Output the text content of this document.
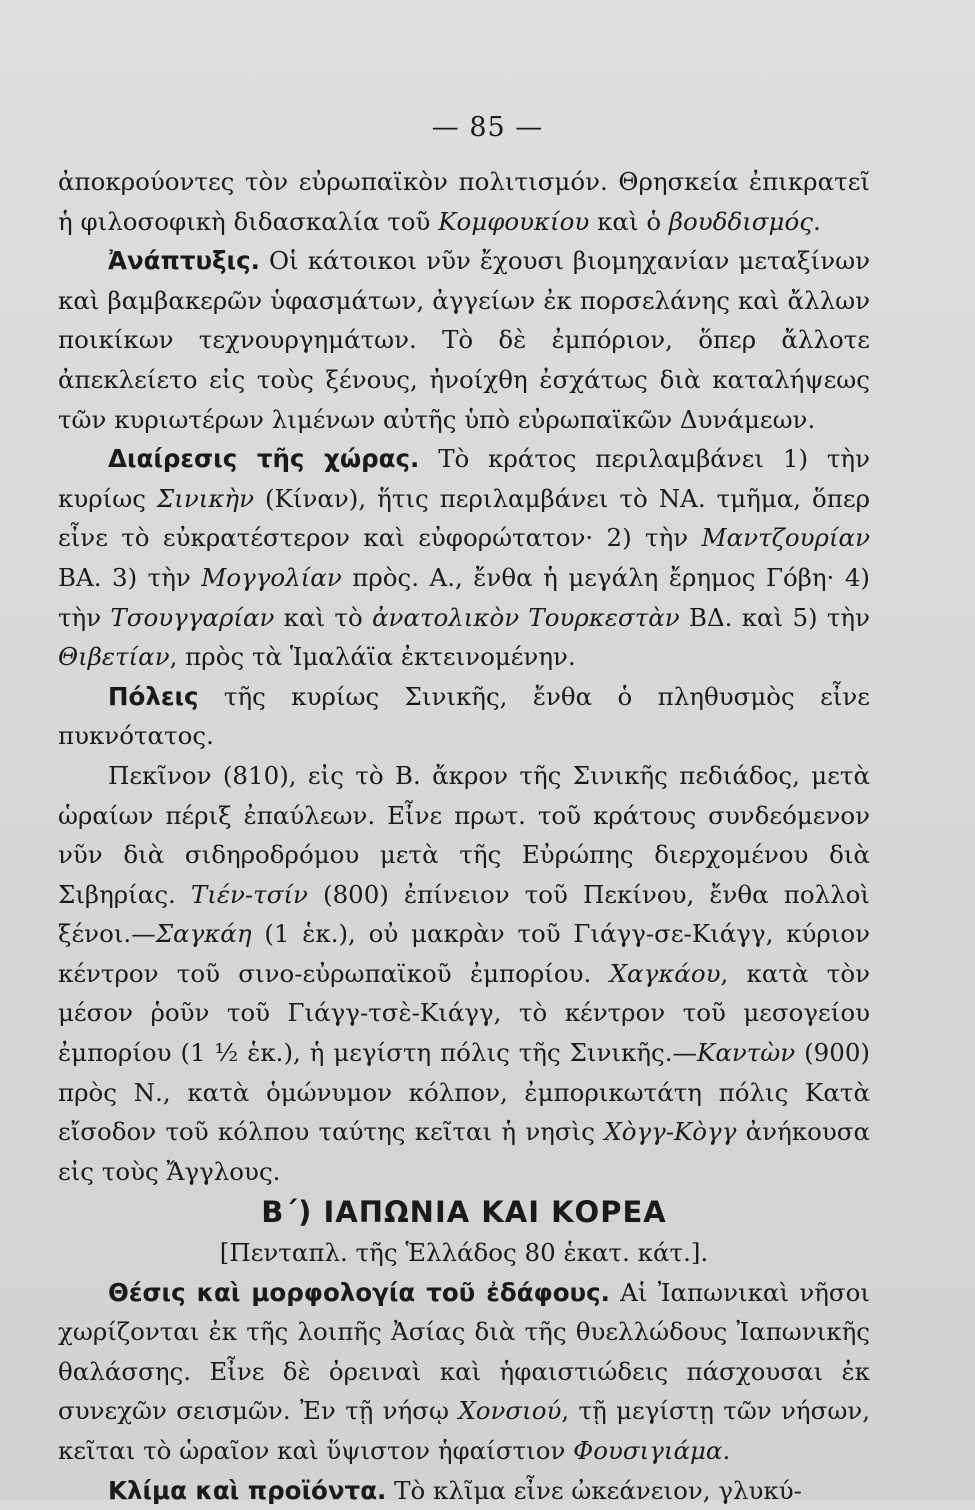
— 85 —

ἀποκρούοντες τὸν εὐρωπαϊκὸν πολιτισμόν. Θρησκεία ἐπικρατεῖ ἡ φιλοσοφικὴ διδασκαλία τοῦ Κομφουκίου καὶ ὁ βουδδισμός.

Ἀνάπτυξις. Οἱ κάτοικοι νῦν ἔχουσι βιομηχανίαν μεταξίνων καὶ βαμβακερῶν ὑφασμάτων, ἀγγείων ἐκ πορσελάνης καὶ ἄλλων ποικίκων τεχνουργημάτων. Τὸ δὲ ἐμπόριον, ὅπερ ἄλλοτε ἀπεκλείετο εἰς τοὺς ξένους, ἠνοίχθη ἐσχάτως διὰ καταλήψεως τῶν κυριωτέρων λιμένων αὐτῆς ὑπὸ εὐρωπαϊκῶν Δυνάμεων.

Διαίρεσις τῆς χώρας. Τὸ κράτος περιλαμβάνει 1) τὴν κυρίως Σινικὴν (Κίναν), ἥτις περιλαμβάνει τὸ ΝΑ. τμῆμα, ὅπερ εἶνε τὸ εὐκρατέστερον καὶ εὐφορώτατον· 2) τὴν Μαντζουρίαν ΒΑ. 3) τὴν Μογγολίαν πρὸς. Α., ἔνθα ἡ μεγάλη ἔρημος Γόβη· 4) τὴν Τσουγγαρίαν καὶ τὸ ἀνατολικὸν Τουρκεστὰν ΒΔ. καὶ 5) τὴν Θιβετίαν, πρὸς τὰ Ἱμαλάϊα ἐκτεινομένην.

Πόλεις τῆς κυρίως Σινικῆς, ἔνθα ὁ πληθυσμὸς εἶνε πυκνότατος.

Πεκῖνον (810), εἰς τὸ Β. ἄκρον τῆς Σινικῆς πεδιάδος, μετὰ ὡραίων πέριξ ἐπαύλεων. Εἶνε πρωτ. τοῦ κράτους συνδεόμενον νῦν διὰ σιδηροδρόμου μετὰ τῆς Εὐρώπης διερχομένου διὰ Σιβηρίας. Τιέν-τσίν (800) ἐπίνειον τοῦ Πεκίνου, ἔνθα πολλοὶ ξένοι.—Σαγκάη (1 ἑκ.), οὐ μακρὰν τοῦ Γιάγγ-σε-Κιάγγ, κύριον κέντρον τοῦ σινο-εὐρωπαϊκοῦ ἐμπορίου. Χαγκάου, κατὰ τὸν μέσον ῥοῦν τοῦ Γιάγγ-τσὲ-Κιάγγ, τὸ κέντρον τοῦ μεσογείου ἐμπορίου (1 ½ ἑκ.), ἡ μεγίστη πόλις τῆς Σινικῆς.—Καντὼν (900) πρὸς Ν., κατὰ ὁμώνυμον κόλπον, ἐμπορικωτάτη πόλις Κατὰ εἴσοδον τοῦ κόλπου ταύτης κεῖται ἡ νησὶς Χὸγγ-Κὸγγ ἀνήκουσα εἰς τοὺς Ἄγγλους.

Β΄) ΙΑΠΩΝΙΑ ΚΑΙ ΚΟΡΕΑ
[Πενταπλ. τῆς Ἑλλάδος 80 ἑκατ. κάτ.].

Θέσις καὶ μορφολογία τοῦ ἐδάφους. Αἱ Ἰαπωνικαὶ νῆσοι χωρίζονται ἐκ τῆς λοιπῆς Ἀσίας διὰ τῆς θυελλώδους Ἰαπωνικῆς θαλάσσης. Εἶνε δὲ ὀρειναὶ καὶ ἡφαιστιώδεις πάσχουσαι ἐκ συνεχῶν σεισμῶν. Ἐν τῇ νήσῳ Χονσιού, τῇ μεγίστῃ τῶν νήσων, κεῖται τὸ ὡραῖον καὶ ὕψιστον ἡφαίστιον Φουσιγιάμα.

Κλίμα καὶ προϊόντα. Τὸ κλῖμα εἶνε ὠκεάνειον, γλυκύ-
